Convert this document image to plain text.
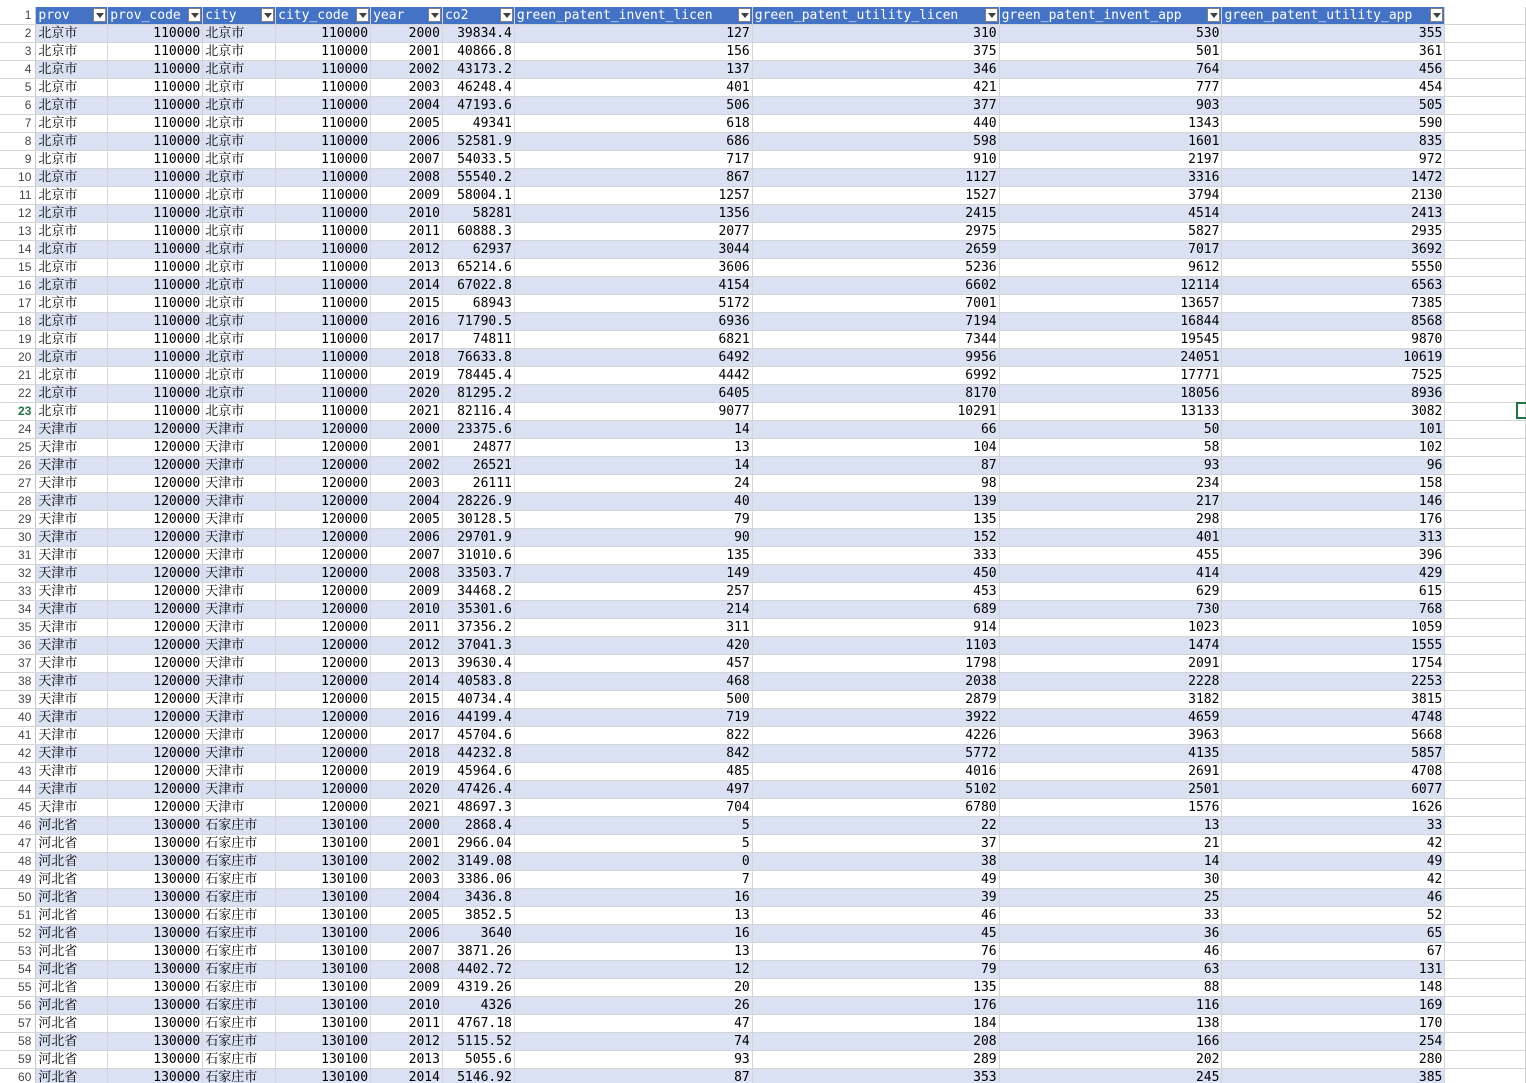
1	prov	prov_code	city	city_code	year	co2	green_patent_invent_licen	green_patent_utility_licen	green_patent_invent_app	green_patent_utility_app

2	北京市	110000	北京市	110000	2000	39834.4	127	310	530	355	
3	北京市	110000	北京市	110000	2001	40866.8	156	375	501	361	
4	北京市	110000	北京市	110000	2002	43173.2	137	346	764	456	
5	北京市	110000	北京市	110000	2003	46248.4	401	421	777	454	
6	北京市	110000	北京市	110000	2004	47193.6	506	377	903	505	
7	北京市	110000	北京市	110000	2005	49341	618	440	1343	590	
8	北京市	110000	北京市	110000	2006	52581.9	686	598	1601	835	
9	北京市	110000	北京市	110000	2007	54033.5	717	910	2197	972	
10	北京市	110000	北京市	110000	2008	55540.2	867	1127	3316	1472	
11	北京市	110000	北京市	110000	2009	58004.1	1257	1527	3794	2130	
12	北京市	110000	北京市	110000	2010	58281	1356	2415	4514	2413	
13	北京市	110000	北京市	110000	2011	60888.3	2077	2975	5827	2935	
14	北京市	110000	北京市	110000	2012	62937	3044	2659	7017	3692	
15	北京市	110000	北京市	110000	2013	65214.6	3606	5236	9612	5550	
16	北京市	110000	北京市	110000	2014	67022.8	4154	6602	12114	6563	
17	北京市	110000	北京市	110000	2015	68943	5172	7001	13657	7385	
18	北京市	110000	北京市	110000	2016	71790.5	6936	7194	16844	8568	
19	北京市	110000	北京市	110000	2017	74811	6821	7344	19545	9870	
20	北京市	110000	北京市	110000	2018	76633.8	6492	9956	24051	10619	
21	北京市	110000	北京市	110000	2019	78445.4	4442	6992	17771	7525	
22	北京市	110000	北京市	110000	2020	81295.2	6405	8170	18056	8936	
23	北京市	110000	北京市	110000	2021	82116.4	9077	10291	13133	3082	
24	天津市	120000	天津市	120000	2000	23375.6	14	66	50	101	
25	天津市	120000	天津市	120000	2001	24877	13	104	58	102	
26	天津市	120000	天津市	120000	2002	26521	14	87	93	96	
27	天津市	120000	天津市	120000	2003	26111	24	98	234	158	
28	天津市	120000	天津市	120000	2004	28226.9	40	139	217	146	
29	天津市	120000	天津市	120000	2005	30128.5	79	135	298	176	
30	天津市	120000	天津市	120000	2006	29701.9	90	152	401	313	
31	天津市	120000	天津市	120000	2007	31010.6	135	333	455	396	
32	天津市	120000	天津市	120000	2008	33503.7	149	450	414	429	
33	天津市	120000	天津市	120000	2009	34468.2	257	453	629	615	
34	天津市	120000	天津市	120000	2010	35301.6	214	689	730	768	
35	天津市	120000	天津市	120000	2011	37356.2	311	914	1023	1059	
36	天津市	120000	天津市	120000	2012	37041.3	420	1103	1474	1555	
37	天津市	120000	天津市	120000	2013	39630.4	457	1798	2091	1754	
38	天津市	120000	天津市	120000	2014	40583.8	468	2038	2228	2253	
39	天津市	120000	天津市	120000	2015	40734.4	500	2879	3182	3815	
40	天津市	120000	天津市	120000	2016	44199.4	719	3922	4659	4748	
41	天津市	120000	天津市	120000	2017	45704.6	822	4226	3963	5668	
42	天津市	120000	天津市	120000	2018	44232.8	842	5772	4135	5857	
43	天津市	120000	天津市	120000	2019	45964.6	485	4016	2691	4708	
44	天津市	120000	天津市	120000	2020	47426.4	497	5102	2501	6077	
45	天津市	120000	天津市	120000	2021	48697.3	704	6780	1576	1626	
46	河北省	130000	石家庄市	130100	2000	2868.4	5	22	13	33	
47	河北省	130000	石家庄市	130100	2001	2966.04	5	37	21	42	
48	河北省	130000	石家庄市	130100	2002	3149.08	0	38	14	49	
49	河北省	130000	石家庄市	130100	2003	3386.06	7	49	30	42	
50	河北省	130000	石家庄市	130100	2004	3436.8	16	39	25	46	
51	河北省	130000	石家庄市	130100	2005	3852.5	13	46	33	52	
52	河北省	130000	石家庄市	130100	2006	3640	16	45	36	65	
53	河北省	130000	石家庄市	130100	2007	3871.26	13	76	46	67	
54	河北省	130000	石家庄市	130100	2008	4402.72	12	79	63	131	
55	河北省	130000	石家庄市	130100	2009	4319.26	20	135	88	148	
56	河北省	130000	石家庄市	130100	2010	4326	26	176	116	169	
57	河北省	130000	石家庄市	130100	2011	4767.18	47	184	138	170	
58	河北省	130000	石家庄市	130100	2012	5115.52	74	208	166	254	
59	河北省	130000	石家庄市	130100	2013	5055.6	93	289	202	280	
60	河北省	130000	石家庄市	130100	2014	5146.92	87	353	245	385	
